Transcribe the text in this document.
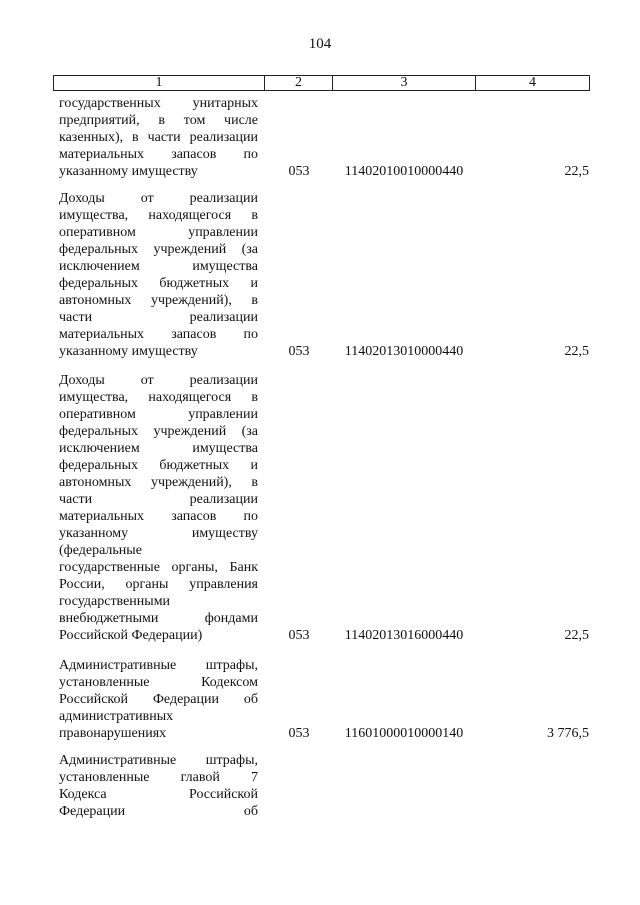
104
1	2	3	4
государственных унитарных
предприятий, в том числе
казенных), в части реализации
материальных запасов по
указанному имуществу	053	11402010010000440	22,5
Доходы от реализации
имущества, находящегося в
оперативном управлении
федеральных учреждений (за
исключением имущества
федеральных бюджетных и
автономных учреждений), в
части реализации
материальных запасов по
указанному имуществу	053	11402013010000440	22,5
Доходы от реализации
имущества, находящегося в
оперативном управлении
федеральных учреждений (за
исключением имущества
федеральных бюджетных и
автономных учреждений), в
части реализации
материальных запасов по
указанному имуществу
(федеральные
государственные органы, Банк
России, органы управления
государственными
внебюджетными фондами
Российской Федерации)	053	11402013016000440	22,5
Административные штрафы,
установленные Кодексом
Российской Федерации об
административных
правонарушениях	053	11601000010000140	3 776,5
Административные штрафы,
установленные главой 7
Кодекса Российской
Федерации об
